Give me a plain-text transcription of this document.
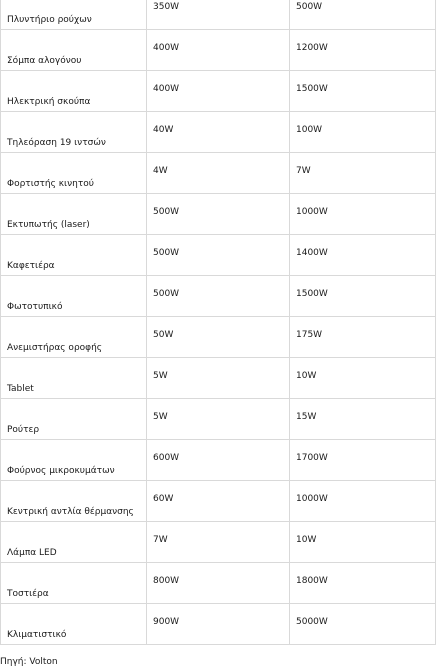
Πλυντήριο ρούχων	350W	500W
Σόμπα αλογόνου	400W	1200W
Ηλεκτρική σκούπα	400W	1500W
Τηλεόραση 19 ιντσών	40W	100W
Φορτιστής κινητού	4W	7W
Εκτυπωτής (laser)	500W	1000W
Καφετιέρα	500W	1400W
Φωτοτυπικό	500W	1500W
Ανεμιστήρας οροφής	50W	175W
Tablet	5W	10W
Ρούτερ	5W	15W
Φούρνος μικροκυμάτων	600W	1700W
Κεντρική αντλία θέρμανσης	60W	1000W
Λάμπα LED	7W	10W
Τοστιέρα	800W	1800W
Κλιματιστικό	900W	5000W
Πηγή: Volton
